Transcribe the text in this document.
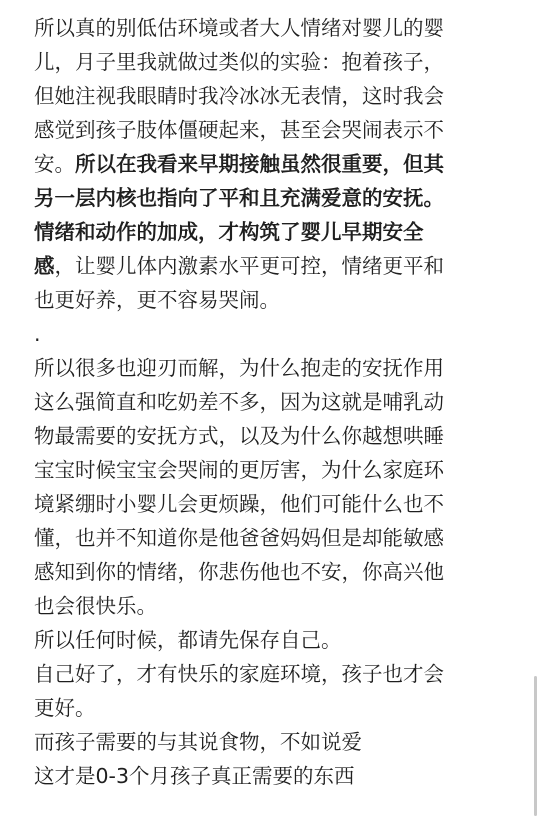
所以真的别低估环境或者大人情绪对婴儿的婴
儿，月子里我就做过类似的实验：抱着孩子，
但她注视我眼睛时我冷冰冰无表情，这时我会
感觉到孩子肢体僵硬起来，甚至会哭闹表示不
安。所以在我看来早期接触虽然很重要，但其
另一层内核也指向了平和且充满爱意的安抚。
情绪和动作的加成，才构筑了婴儿早期安全
感，让婴儿体内激素水平更可控，情绪更平和
也更好养，更不容易哭闹。
.
所以很多也迎刃而解，为什么抱走的安抚作用
这么强简直和吃奶差不多，因为这就是哺乳动
物最需要的安抚方式，以及为什么你越想哄睡
宝宝时候宝宝会哭闹的更厉害，为什么家庭环
境紧绷时小婴儿会更烦躁，他们可能什么也不
懂，也并不知道你是他爸爸妈妈但是却能敏感
感知到你的情绪，你悲伤他也不安，你高兴他
也会很快乐。
所以任何时候，都请先保存自己。
自己好了，才有快乐的家庭环境，孩子也才会
更好。
而孩子需要的与其说食物，不如说爱
这才是0-3个月孩子真正需要的东西
